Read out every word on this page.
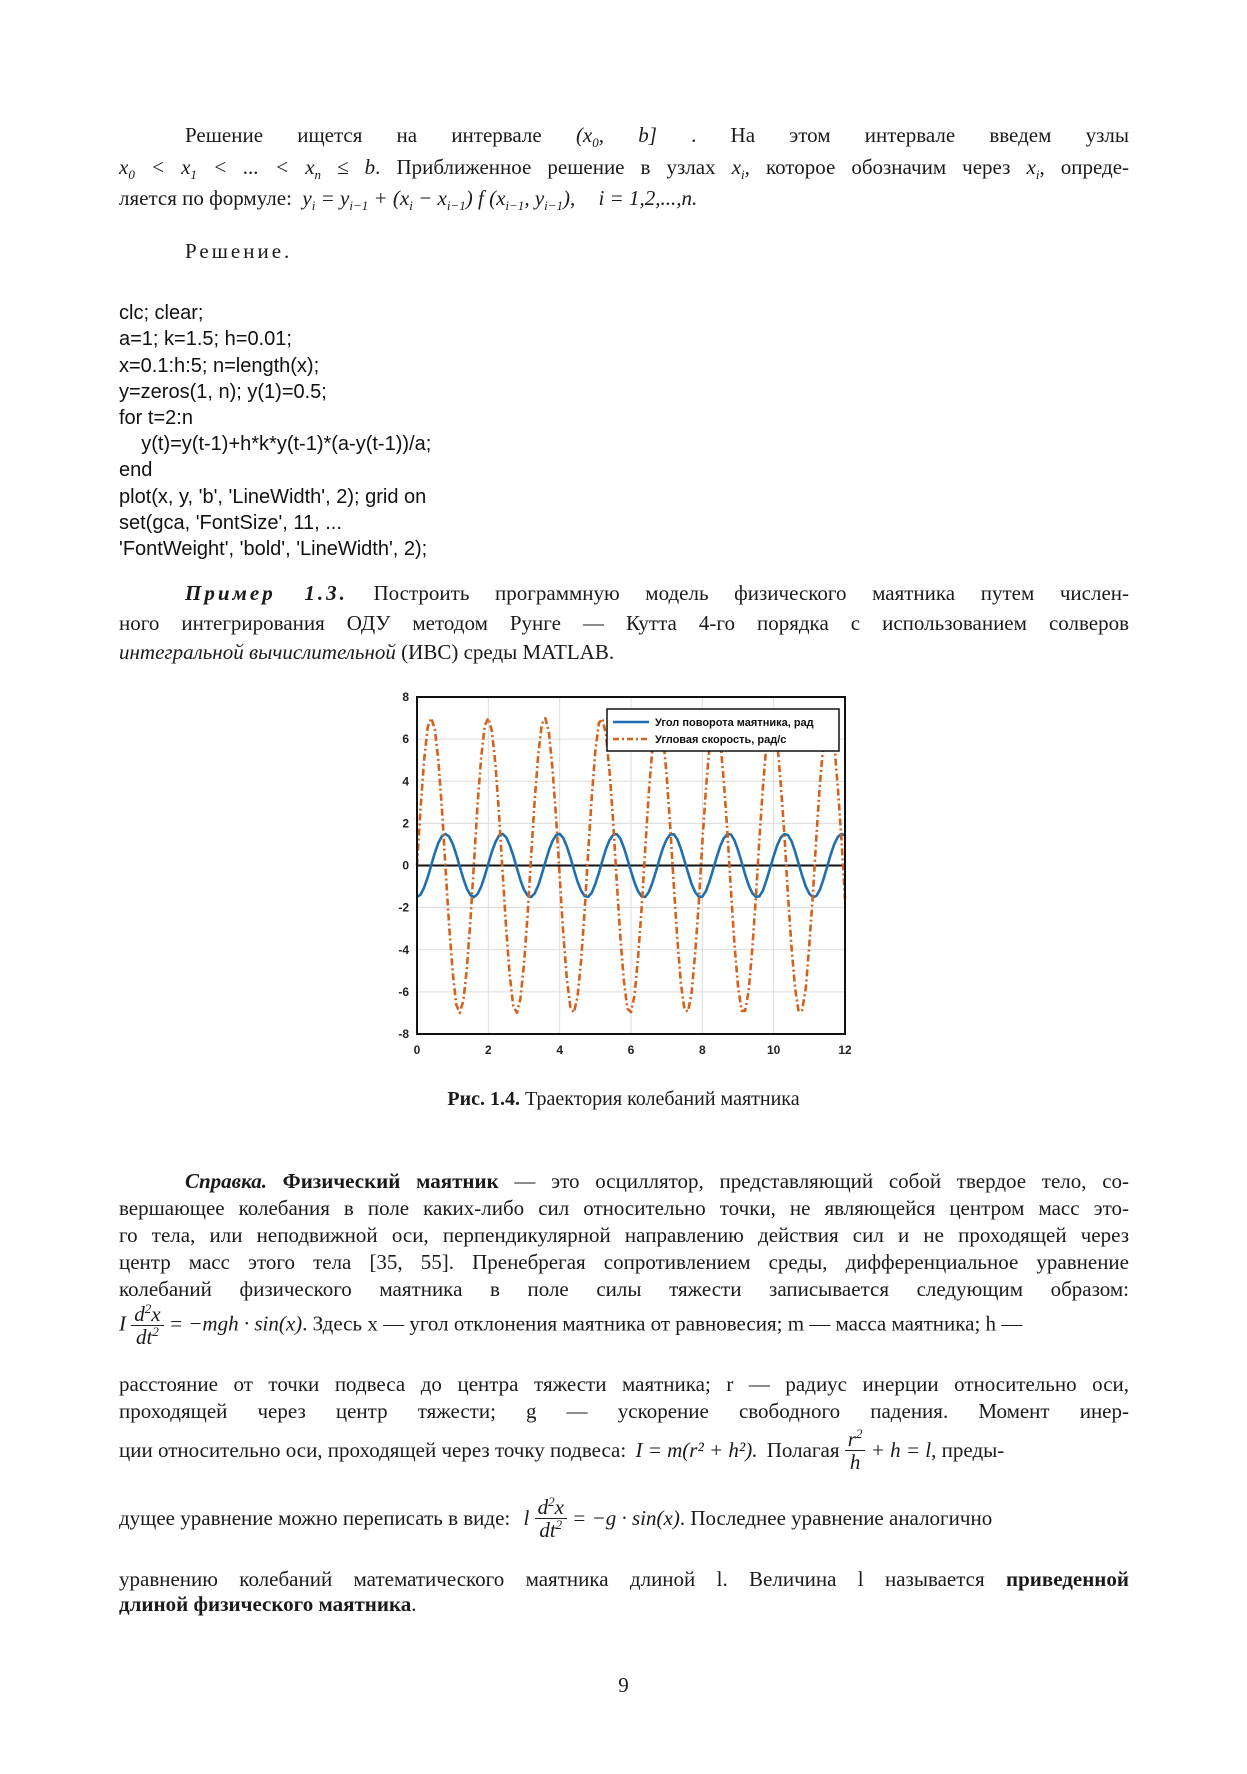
Решение ищется на интервале ($x_0$, b] . На этом интервале введем узлы
$x_0 < x_1$ < ... < $x_n \le b$. Приближенное решение в узлах $x_i$, которое обозначим через $x_i$, опреде-
ляется по формуле: $y_i = y_{i-1} + (x_i - x_{i-1})$ f ($x_{i-1}$, $y_{i-1}$), i = 1,2,...,n.
Решение.

clc; clear;
a=1; k=1.5; h=0.01;
x=0.1:h:5; n=length(x);
y=zeros(1, n); y(1)=0.5;
for t=2:n
y(t)=y(t-1)+h*k*y(t-1)*(a-y(t-1))/a;
end
plot(x, y, 'b', 'LineWidth', 2); grid on
set(gca, 'FontSize', 11, ...
'FontWeight', 'bold', 'LineWidth', 2);

Пример 1.3. Построить программную модель физического маятника путем числен-
ного интегрирования ОДУ методом Рунге — Кутта 4-го порядка с использованием солверов
интегральной вычислительной (ИВС) среды MATLAB.
0	2	4	6	8	10	12
8
6
4
2
0
-2
-4
-6
-8
Угол поворота маятника, рад
Угловая скорость, рад/с
Рис. 1.4. Траектория колебаний маятника
Справка. Физический маятник — это осциллятор, представляющий собой твердое тело, со-
вершающее колебания в поле каких-либо сил относительно точки, не являющейся центром масс это-
го тела, или неподвижной оси, перпендикулярной направлению действия сил и не проходящей через
центр масс этого тела [35, 55]. Пренебрегая сопротивлением среды, дифференциальное уравнение
колебаний физического маятника в поле силы тяжести записывается следующим образом:
I $\frac{d^2x}{dt^2} = -mgh \cdot \sin(x)$. Здесь x — угол отклонения маятника от равновесия; m — масса маятника; h —
расстояние от точки подвеса до центра тяжести маятника; r — радиус инерции относительно оси,
проходящей через центр тяжести; g — ускорение свободного падения. Момент инер-
ции относительно оси, проходящей через точку подвеса: I = m(r² + h²). Полагая $\frac{r^2}{h} + h = l$, преды-
дущее уравнение можно переписать в виде: l $\frac{d^2x}{dt^2} = -g \cdot \sin(x)$. Последнее уравнение аналогично
уравнению колебаний математического маятника длиной l. Величина l называется приведенной
длиной физического маятника.
9
